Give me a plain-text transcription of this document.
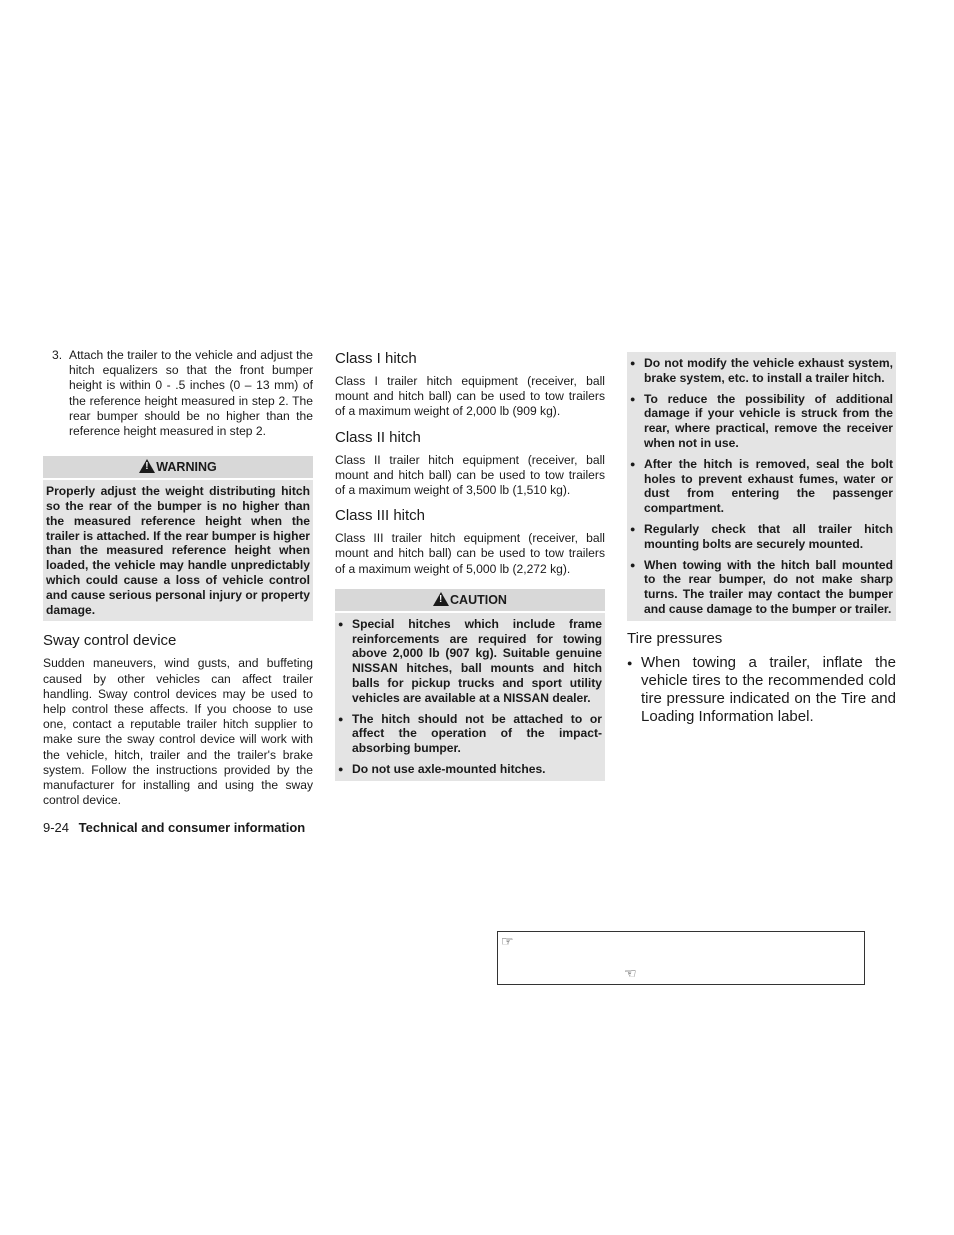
3. Attach the trailer to the vehicle and adjust the hitch equalizers so that the front bumper height is within 0 - .5 inches (0 – 13 mm) of the reference height measured in step 2. The rear bumper should be no higher than the reference height measured in step 2.
!WARNING
Properly adjust the weight distributing hitch so the rear of the bumper is no higher than the measured reference height when the trailer is attached. If the rear bumper is higher than the measured reference height when loaded, the vehicle may handle unpredictably which could cause a loss of vehicle control and cause serious personal injury or property damage.
Sway control device

Sudden maneuvers, wind gusts, and buffeting caused by other vehicles can affect trailer handling. Sway control devices may be used to help control these affects. If you choose to use one, contact a reputable trailer hitch supplier to make sure the sway control device will work with the vehicle, hitch, trailer and the trailer's brake system. Follow the instructions provided by the manufacturer for installing and using the sway control device.

Class I hitch

Class I trailer hitch equipment (receiver, ball mount and hitch ball) can be used to tow trailers of a maximum weight of 2,000 lb (909 kg).

Class II hitch

Class II trailer hitch equipment (receiver, ball mount and hitch ball) can be used to tow trailers of a maximum weight of 3,500 lb (1,510 kg).

Class III hitch

Class III trailer hitch equipment (receiver, ball mount and hitch ball) can be used to tow trailers of a maximum weight of 5,000 lb (2,272 kg).

!CAUTION
● Special hitches which include frame reinforcements are required for towing above 2,000 lb (907 kg). Suitable genuine NISSAN hitches, ball mounts and hitch balls for pickup trucks and sport utility vehicles are available at a NISSAN dealer.
● The hitch should not be attached to or affect the operation of the impact-absorbing bumper.
● Do not use axle-mounted hitches.
● Do not modify the vehicle exhaust system, brake system, etc. to install a trailer hitch.
● To reduce the possibility of additional damage if your vehicle is struck from the rear, where practical, remove the receiver when not in use.
● After the hitch is removed, seal the bolt holes to prevent exhaust fumes, water or dust from entering the passenger compartment.
● Regularly check that all trailer hitch mounting bolts are securely mounted.
● When towing with the hitch ball mounted to the rear bumper, do not make sharp turns. The trailer may contact the bumper and cause damage to the bumper or trailer.
Tire pressures
● When towing a trailer, inflate the vehicle tires to the recommended cold tire pressure indicated on the Tire and Loading Information label.
9-24 Technical and consumer information
☞
☜
